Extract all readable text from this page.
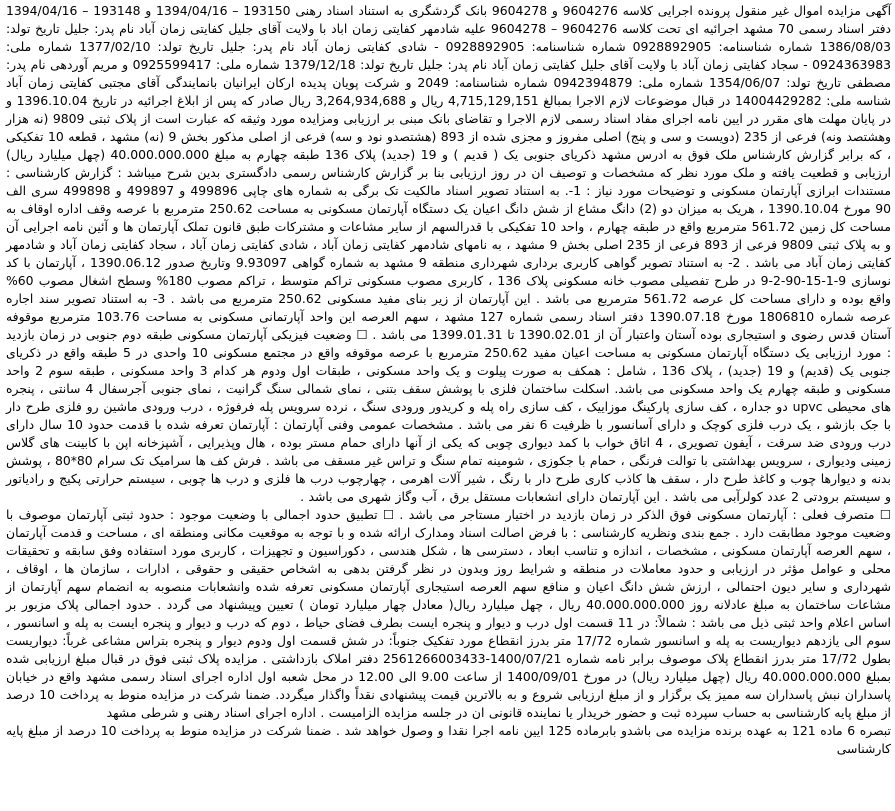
آگهی مزایده اموال غیر منقول پرونده اجرایی کلاسه 9604276 و 9604278 بانک گردشگری به استناد اسناد رهنی 193150 – 1394/04/16 و 193148 – 1394/04/16 دفتر اسناد رسمی 70 مشهد اجرائیه ای تحت کلاسه 9604276 – 9604278 علیه شادمهر کفایتی زمان اباد با ولایت آقای جلیل کفایتی زمان آباد نام پدر: جلیل تاریخ تولد: 1386/08/03 شماره شناسنامه: 0928892905 شماره شناسنامه: 0928892905 - شادی کفایتی زمان آباد نام پدر: جلیل تاریخ تولد: 1377/02/10 شماره ملی: 0924363983 - سجاد کفایتی زمان آباد با ولایت آقای جلیل کفایتی زمان آباد نام پدر: جلیل تاریخ تولد: 1379/12/18 شماره ملی: 0925599417 و مریم آوردهی نام پدر: مصطفی تاریخ تولد: 1354/06/07 شماره ملی: 0942394879 شماره شناسنامه: 2049 و شرکت پویان پدیده ارکان ایرانیان بانمایندگی آقای مجتبی کفایتی زمان آباد شناسه ملی: 14004429282 در قبال موضوعات لازم الاجرا بمبالغ 4,715,129,151 ریال و 3,264,934,688 ریال صادر که پس از ابلاغ اجرائیه در تاریخ 1396.10.04 و در پایان مهلت های مقرر در ایین نامه اجرای مفاد اسناد رسمی لازم الاجرا و تقاضای بانک مبنی بر ارزیابی ومزایده مورد وثیقه که عبارت است از پلاک ثبتی 9809 (نه هزار وهشتصد ونه) فرعی از 235 (دویست و سی و پنج) اصلی مفروز و مجزی شده از 893 (هشتصدو نود و سه) فرعی از اصلی مذکور بخش 9 (نه) مشهد ، قطعه 10 تفکیکی ، که برابر گزارش کارشناس ملک فوق به ادرس مشهد ذکریای جنوبی یک ( قدیم ) و 19 (جدید) پلاک 136 طبقه چهارم به مبلغ 40.000.000.000 (چهل میلیارد ریال) ارزیابی و قطعیت یافته و ملک مورد نظر که مشخصات و توصیف ان در روز ارزیابی بنا بر گزارش کارشناس رسمی دادگستری بدین شرح میباشد : گزارش کارشناسی : مستندات ابرازی آپارتمان مسکونی و توضیحات مورد نیاز : 1-. به استناد تصویر اسناد مالکیت تک برگی به شماره های چاپی 499896 و 499897 و 499898 سری الف 90 مورخ 1390.10.04 ، هریک به میزان دو (2) دانگ مشاع از شش دانگ اعیان یک دستگاه آپارتمان مسکونی به مساحت 250.62 مترمربع با عرصه وقف اداره اوقاف به مساحت کل زمین 561.72 مترمربع واقع در طبقه چهارم ، واحد 10 تفکیکی با قدرالسهم از سایر مشاعات و مشترکات طبق قانون تملک آپارتمان ها و آئین نامه اجرایی آن و به پلاک ثبتی 9809 فرعی از 893 فرعی از 235 اصلی بخش 9 مشهد ، به نامهای شادمهر کفایتی زمان آباد ، شادی کفایتی زمان آباد ، سجاد کفایتی زمان آباد و شادمهر کفایتی زمان آباد می باشد . 2- به استناد تصویر گواهی کاربری برداری شهرداری منطقه 9 مشهد به شماره گواهی 9.93097 وتاریخ صدور 1390.06.12 ، آپارتمان با کد نوسازی 9-1-15-90-2-9 در طرح تفصیلی مصوب خانه مسکونی پلاک 136 ، کاربری مصوب مسکونی تراکم متوسط ، تراکم مصوب 180% وسطح اشغال مصوب 60% واقع بوده و دارای مساحت کل عرصه 561.72 مترمربع می باشد . این آپارتمان از زیر بنای مفید مسکونی 250.62 مترمربع می باشد . 3- به استناد تصویر سند اجاره عرصه شماره 1806810 مورخ 1390.07.18 دفتر اسناد رسمی شماره 127 مشهد ، سهم العرصه این واحد آپارتمانی مسکونی به مساحت 103.76 مترمربع موقوفه آستان قدس رضوی و استیجاری بوده آستان واعتبار آن از 1390.02.01 تا 1399.01.31 می باشد . ☐ وضعیت فیزیکی آپارتمان مسکونی طبقه دوم جنوبی در زمان بازدید : مورد ارزیابی یک دستگاه آپارتمان مسکونی به مساحت اعیان مفید 250.62 مترمربع با عرصه موقوفه واقع در مجتمع مسکونی 10 واحدی در 5 طبقه واقع در ذکریای جنوبی یک (قدیم) و 19 (جدید) ، پلاک 136 ، شامل : همکف به صورت پیلوت و یک واحد مسکونی ، طبقات اول ودوم هر کدام 3 واحد مسکونی ، طبقه سوم 2 واحد مسکونی و طبقه چهارم یک واحد مسکونی می باشد. اسکلت ساختمان فلزی با پوشش سقف بتنی ، نمای شمالی سنگ گرانیت ، نمای جنوبی آجرسفال 4 سانتی ، پنجره های محیطی upvc دو جداره ، کف سازی پارکینگ موزاییک ، کف سازی راه پله و کریدور ورودی سنگ ، نرده سرویس پله فرفوژه ، درب ورودی ماشین رو فلزی طرح دار با جک بازشو ، یک درب فلزی کوچک و دارای آسانسور با ظرفیت 6 نفر می باشد . مشخصات عمومی وفنی آپارتمان : آپارتمان تعرفه شده با قدمت حدود 10 سال دارای درب ورودی ضد سرقت ، آیفون تصویری ، 4 اتاق خواب با کمد دیواری چوبی که یکی از آنها دارای حمام مستر بوده ، هال وپذیرایی ، آشپزخانه اپن با کابینت های گلاس زمینی ودیواری ، سرویس بهداشتی با توالت فرنگی ، حمام با جکوزی ، شومینه تمام سنگ و تراس غیر مسقف می باشد . فرش کف ها سرامیک تک سرام 80*80 ، پوشش بدنه و دیوارها چوب و کاغذ طرح دار ، سقف ها کاذب کاری طرح دار با رنگ ، شیر آلات اهرمی ، چهارچوب درب ها فلزی و درب ها چوبی ، سیستم حرارتی پکیج و رادیاتور و سیستم برودتی 2 عدد کولرآبی می باشد . این آپارتمان دارای انشعابات مستقل برق ، آب وگاز شهری می باشد .

☐ متصرف فعلی : آپارتمان مسکونی فوق الذکر در زمان بازدید در اختیار مستاجر می باشد . ☐ تطبیق حدود اجمالی با وضعیت موجود : حدود ثبتی آپارتمان موصوف با وضعیت موجود مطابقت دارد . جمع بندی ونظریه کارشناسی : با فرض اصالت اسناد ومدارک ارائه شده و با توجه به موقعیت مکانی ومنطقه ای ، مساحت و قدمت آپارتمان ، سهم العرصه آپارتمان مسکونی ، مشخصات ، اندازه و تناسب ابعاد ، دسترسی ها ، شکل هندسی ، دکوراسیون و تجهیزات ، کاربری مورد استفاده وفق سابقه و تحقیقات محلی و عوامل مؤثر در ارزیابی و حدود معاملات در منطقه و شرایط روز وبدون در نظر گرفتن بدهی به اشخاص حقیقی و حقوقی ، ادارات ، سازمان ها ، اوقاف ، شهرداری و سایر دیون احتمالی ، ارزش شش دانگ اعیان و منافع سهم العرصه استیجاری آپارتمان مسکونی تعرفه شده وانشعابات منصوبه به انضمام سهم آپارتمان از مشاعات ساختمان به مبلغ عادلانه روز 40.000.000.000 ریال ، چهل میلیارد ریال( معادل چهار میلیارد تومان ) تعیین وپیشنهاد می گردد . حدود اجمالی پلاک مزبور بر اساس اعلام واحد ثبتی ذیل می باشد : شمالاً: در 11 قسمت اول درب و دیوار و پنجره ایست بطرف فضای حیاط ، دوم که درب و دیوار و پنجره ایست به پله و اسانسور ، سوم الی یازدهم دیواریست به پله و اسانسور شماره 17/72 متر بدرز انقطاع مورد تفکیک جنوباً: در شش قسمت اول ودوم دیوار و پنجره بتراس مشاعی غرباً: دیواریست بطول 17/72 متر بدرز انقطاع پلاک موصوف برابر نامه شماره 1400/07/21-2561266003433 دفتر املاک بازداشتی . مزایده پلاک ثبتی فوق در قبال مبلغ ارزیابی شده بمبلغ 40.000.000.000 ریال (چهل میلیارد ریال) در مورخ 1400/09/01 از ساعت 9.00 الی 12.00 در محل شعبه اول اداره اجرای اسناد رسمی مشهد واقع در خیابان پاسداران نبش پاسداران سه ممیز یک برگزار و از مبلغ ارزیابی شروع و به بالاترین قیمت پیشنهادی نقداً واگذار میگردد. ضمنا شرکت در مزایده منوط به پرداخت 10 درصد از مبلغ پایه کارشناسی به حساب سپرده ثبت و حضور خریدار یا نماینده قانونی ان در جلسه مزایده الزامیست . اداره اجرای اسناد رهنی و شرطی مشهد

تبصره 6 ماده 121 به عهده برنده مزایده می باشدو بابرماده 125 ایین نامه اجرا نقدا و وصول خواهد شد . ضمنا شرکت در مزایده منوط به پرداخت 10 درصد از مبلغ پایه کارشناسی
